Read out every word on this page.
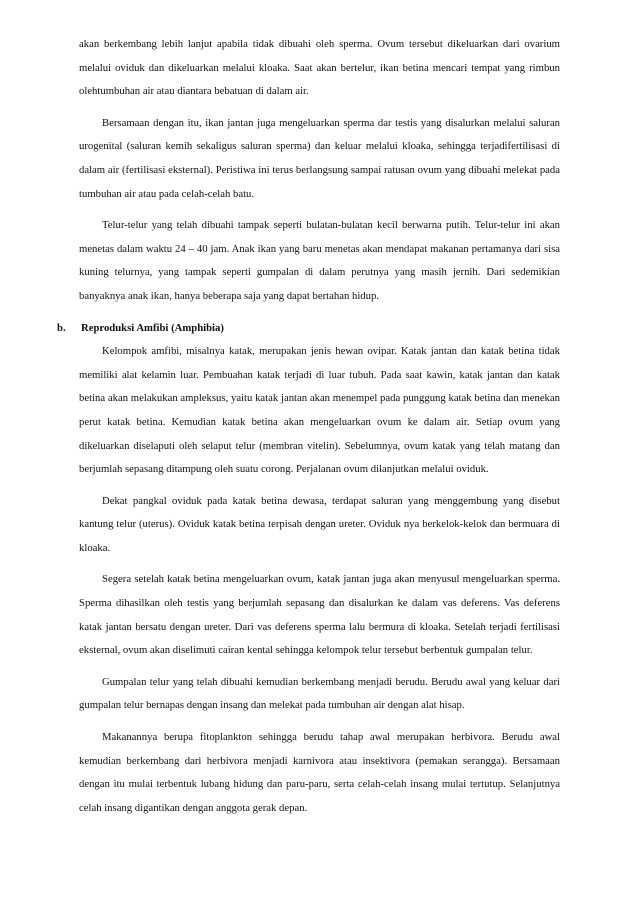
akan berkembang lebih lanjut apabila tidak dibuahi oleh sperma. Ovum tersebut dikeluarkan dari ovarium melalui oviduk dan dikeluarkan melalui kloaka. Saat akan bertelur, ikan betina mencari tempat yang rimbun olehtumbuhan air atau diantara bebatuan di dalam air.

Bersamaan dengan itu, ikan jantan juga mengeluarkan sperma dar testis yang disalurkan melalui saluran urogenital (saluran kemih sekaligus saluran sperma) dan keluar melalui kloaka, sehingga terjadifertilisasi di dalam air (fertilisasi eksternal). Peristiwa ini terus berlangsung sampai ratusan ovum yang dibuahi melekat pada tumbuhan air atau pada celah-celah batu.

Telur-telur yang telah dibuahi tampak seperti bulatan-bulatan kecil berwarna putih. Telur-telur ini akan menetas dalam waktu 24 – 40 jam. Anak ikan yang baru menetas akan mendapat makanan pertamanya dari sisa kuning telurnya, yang tampak seperti gumpalan di dalam perutnya yang masih jernih. Dari sedemikian banyaknya anak ikan, hanya beberapa saja yang dapat bertahan hidup.

b. Reproduksi Amfibi (Amphibia)

Kelompok amfibi, misalnya katak, merupakan jenis hewan ovipar. Katak jantan dan katak betina tidak memiliki alat kelamin luar. Pembuahan katak terjadi di luar tubuh. Pada saat kawin, katak jantan dan katak betina akan melakukan ampleksus, yaitu katak jantan akan menempel pada punggung katak betina dan menekan perut katak betina. Kemudian katak betina akan mengeluarkan ovum ke dalam air. Setiap ovum yang dikeluarkan diselaputi oleh selaput telur (membran vitelin). Sebelumnya, ovum katak yang telah matang dan berjumlah sepasang ditampung oleh suatu corong. Perjalanan ovum dilanjutkan melalui oviduk.

Dekat pangkal oviduk pada katak betina dewasa, terdapat saluran yang menggembung yang disebut kantung telur (uterus). Oviduk katak betina terpisah dengan ureter. Oviduk nya berkelok-kelok dan bermuara di kloaka.

Segera setelah katak betina mengeluarkan ovum, katak jantan juga akan menyusul mengeluarkan sperma. Sperma dihasilkan oleh testis yang berjumlah sepasang dan disalurkan ke dalam vas deferens. Vas deferens katak jantan bersatu dengan ureter. Dari vas deferens sperma lalu bermura di kloaka. Setelah terjadi fertilisasi eksternal, ovum akan diselimuti cairan kental sehingga kelompok telur tersebut berbentuk gumpalan telur.

Gumpalan telur yang telah dibuahi kemudian berkembang menjadi berudu. Berudu awal yang keluar dari gumpalan telur bernapas dengan insang dan melekat pada tumbuhan air dengan alat hisap.

Makanannya berupa fitoplankton sehingga berudu tahap awal merupakan herbivora. Berudu awal kemudian berkembang dari herbivora menjadi karnivora atau insektivora (pemakan serangga). Bersamaan dengan itu mulai terbentuk lubang hidung dan paru-paru, serta celah-celah insang mulai tertutup. Selanjutnya celah insang digantikan dengan anggota gerak depan.
